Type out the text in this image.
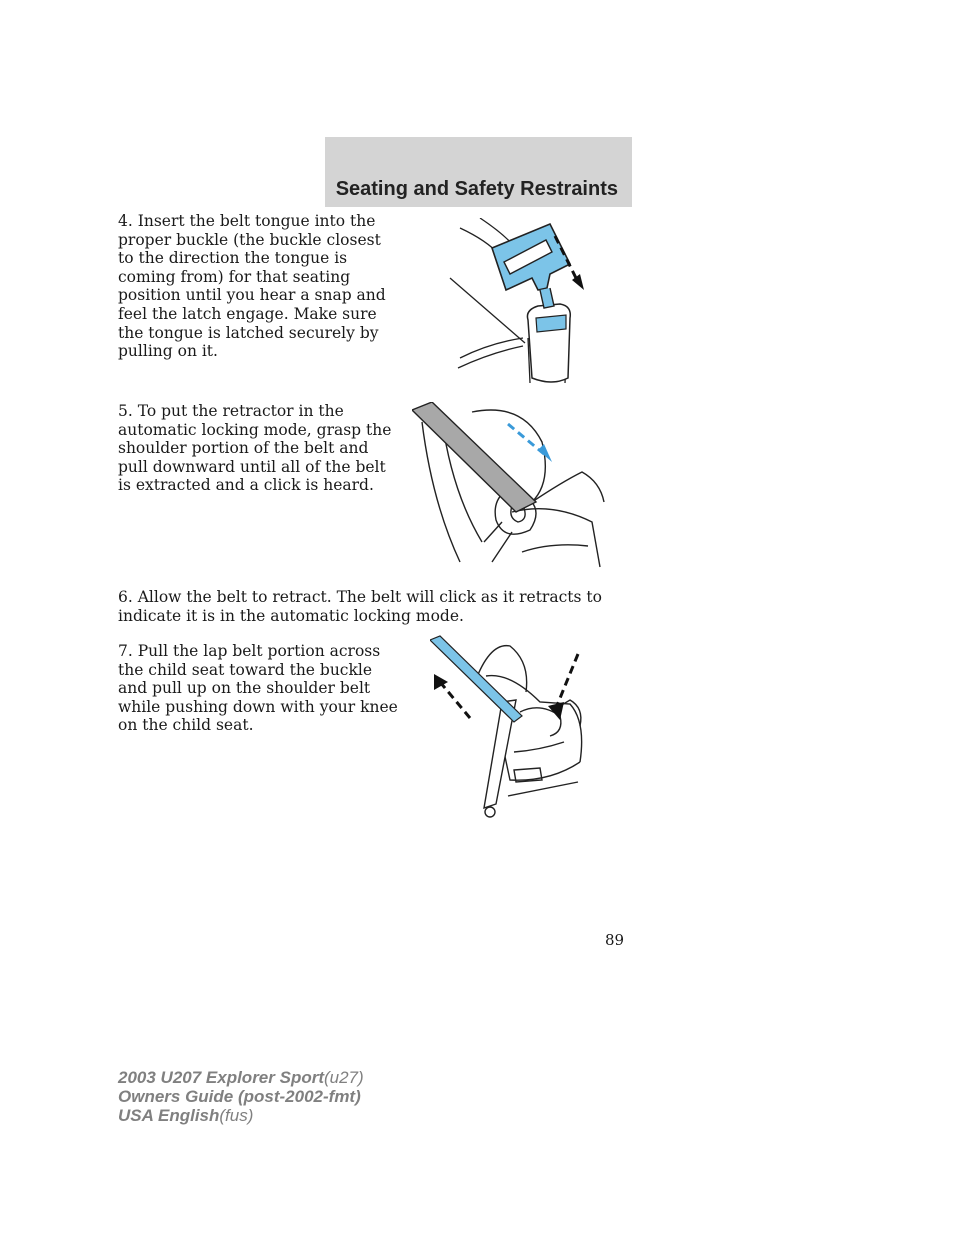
Seating and Safety Restraints

4. Insert the belt tongue into the proper buckle (the buckle closest to the direction the tongue is coming from) for that seating position until you hear a snap and feel the latch engage. Make sure the tongue is latched securely by pulling on it.

5. To put the retractor in the automatic locking mode, grasp the shoulder portion of the belt and pull downward until all of the belt is extracted and a click is heard.

6. Allow the belt to retract. The belt will click as it retracts to indicate it is in the automatic locking mode.

7. Pull the lap belt portion across the child seat toward the buckle and pull up on the shoulder belt while pushing down with your knee on the child seat.

89

2003 U207 Explorer Sport(u27)
Owners Guide (post-2002-fmt)
USA English(fus)
